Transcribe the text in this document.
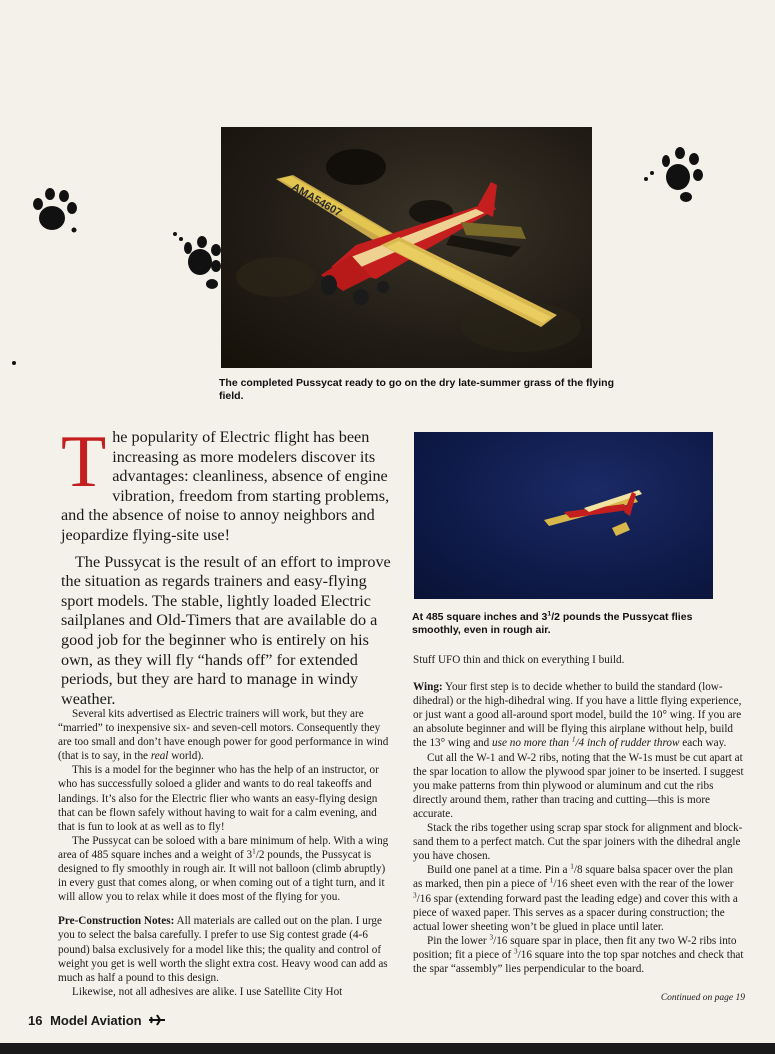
AMA54607
The completed Pussycat ready to go on the dry late-summer grass of the flying field.
At 485 square inches and $3^1/2$ pounds the Pussycat flies smoothly, even in rough air.

The popularity of Electric flight has been increasing as more modelers discover its advantages: cleanliness, absence of engine vibration, freedom from starting problems, and the absence of noise to annoy neighbors and jeopardize flying-site use!

The Pussycat is the result of an effort to improve the situation as regards trainers and easy-flying sport models. The stable, lightly loaded Electric sailplanes and Old-Timers that are available do a good job for the beginner who is entirely on his own, as they will fly “hands off” for extended periods, but they are hard to manage in windy weather.

Several kits advertised as Electric trainers will work, but they are “married” to inexpensive six- and seven-cell motors. Consequently they are too small and don’t have enough power for good performance in wind (that is to say, in the real world).

This is a model for the beginner who has the help of an instructor, or who has successfully soloed a glider and wants to do real takeoffs and landings. It’s also for the Electric flier who wants an easy-flying design that can be flown safely without having to wait for a calm evening, and that is fun to look at as well as to fly!

The Pussycat can be soloed with a bare minimum of help. With a wing area of 485 square inches and a weight of $3^1/2$ pounds, the Pussycat is designed to fly smoothly in rough air. It will not balloon (climb abruptly) in every gust that comes along, or when coming out of a tight turn, and it will allow you to relax while it does most of the flying for you.

Pre-Construction Notes: All materials are called out on the plan. I urge you to select the balsa carefully. I prefer to use Sig contest grade (4-6 pound) balsa exclusively for a model like this; the quality and control of weight you get is well worth the slight extra cost. Heavy wood can add as much as half a pound to this design.

Likewise, not all adhesives are alike. I use Satellite City Hot

Stuff UFO thin and thick on everything I build.

Wing: Your first step is to decide whether to build the standard (low-dihedral) or the high-dihedral wing. If you have a little flying experience, or just want a good all-around sport model, build the 10° wing. If you are an absolute beginner and will be flying this airplane without help, build the 13° wing and use no more than $^1$/4 inch of rudder throw each way.

Cut all the W-1 and W-2 ribs, noting that the W-1s must be cut apart at the spar location to allow the plywood spar joiner to be inserted. I suggest you make patterns from thin plywood or aluminum and cut the ribs directly around them, rather than tracing and cutting—this is more accurate.

Stack the ribs together using scrap spar stock for alignment and block-sand them to a perfect match. Cut the spar joiners with the dihedral angle you have chosen.

Build one panel at a time. Pin a $^1$/8 square balsa spacer over the plan as marked, then pin a piece of $^1$/16 sheet even with the rear of the lower $^3$/16 spar (extending forward past the leading edge) and cover this with a piece of waxed paper. This serves as a spacer during construction; the actual lower sheeting won’t be glued in place until later.

Pin the lower $^3$/16 square spar in place, then fit any two W-2 ribs into position; fit a piece of $^3$/16 square into the top spar notches and check that the spar “assembly” lies perpendicular to the board.

Continued on page 19
16 Model Aviation
